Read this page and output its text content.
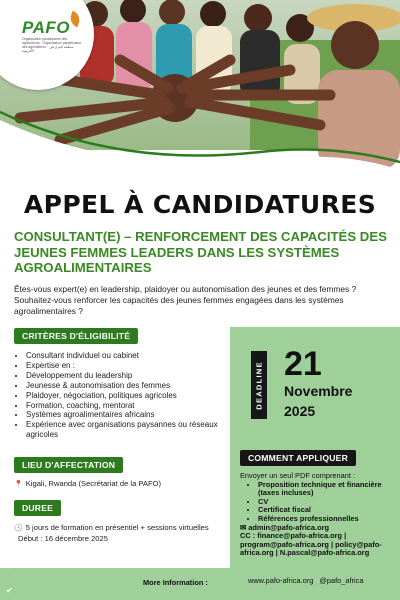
PAFO
Organisation panafricaine des agriculteurs · Organisation panafricaine des agriculteurs · منظمة المزارعين الأفريقية
APPEL À CANDIDATURES
CONSULTANT(E) – RENFORCEMENT DES CAPACITÉS DES JEUNES FEMMES LEADERS DANS LES SYSTÈMES AGROALIMENTAIRES
Êtes-vous expert(e) en leadership, plaidoyer ou autonomisation des jeunes et des femmes ? Souhaitez-vous renforcer les capacités des jeunes femmes engagées dans les systèmes agroalimentaires ?
CRITÈRES D'ÉLIGIBILITÉ
• Consultant individuel ou cabinet
• Expertise en :
• Développement du leadership
• Jeunesse & autonomisation des femmes
• Plaidoyer, négociation, politiques agricoles
• Formation, coaching, mentorat
• Systèmes agroalimentaires africains
• Expérience avec organisations paysannes ou réseaux agricoles
LIEU D'AFFECTATION
📍 Kigali, Rwanda (Secrétariat de la PAFO)
DUREE
🕓 5 jours de formation en présentiel + sessions virtuelles
Début : 16 décembre 2025
DEADLINE 21
Novembre
2025
COMMENT APPLIQUER
Envoyer un seul PDF comprenant :
• Proposition technique et financière (taxes incluses)
• CV
• Certificat fiscal
• Références professionnelles
✉ admin@pafo-africa.org
CC : finance@pafo-africa.org | program@pafo-africa.org | policy@pafo-africa.org | N.pascal@pafo-africa.org
✔
✔
More Information :	www.pafo-africa.org @pafo_africa
